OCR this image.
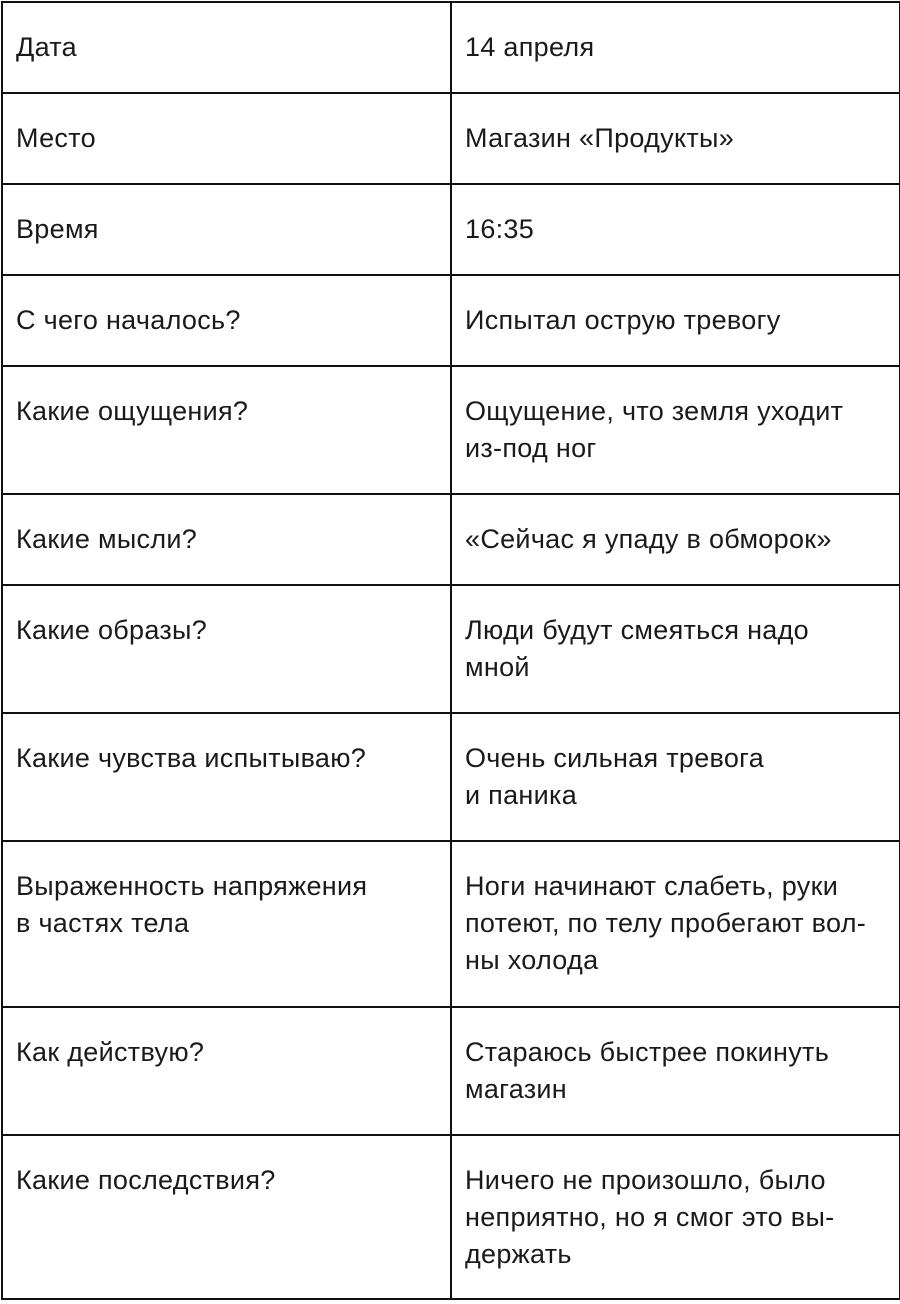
Дата	14 апреля
Место	Магазин «Продукты»
Время	16:35
С чего началось?	Испытал острую тревогу
Какие ощущения?	Ощущение, что земля уходит
из-под ног
Какие мысли?	«Сейчас я упаду в обморок»
Какие образы?	Люди будут смеяться надо
мной
Какие чувства испытываю?	Очень сильная тревога
и паника
Выраженность напряжения
в частях тела	Ноги начинают слабеть, руки
потеют, по телу пробегают вол-
ны холода
Как действую?	Стараюсь быстрее покинуть
магазин
Какие последствия?	Ничего не произошло, было
неприятно, но я смог это вы-
держать
